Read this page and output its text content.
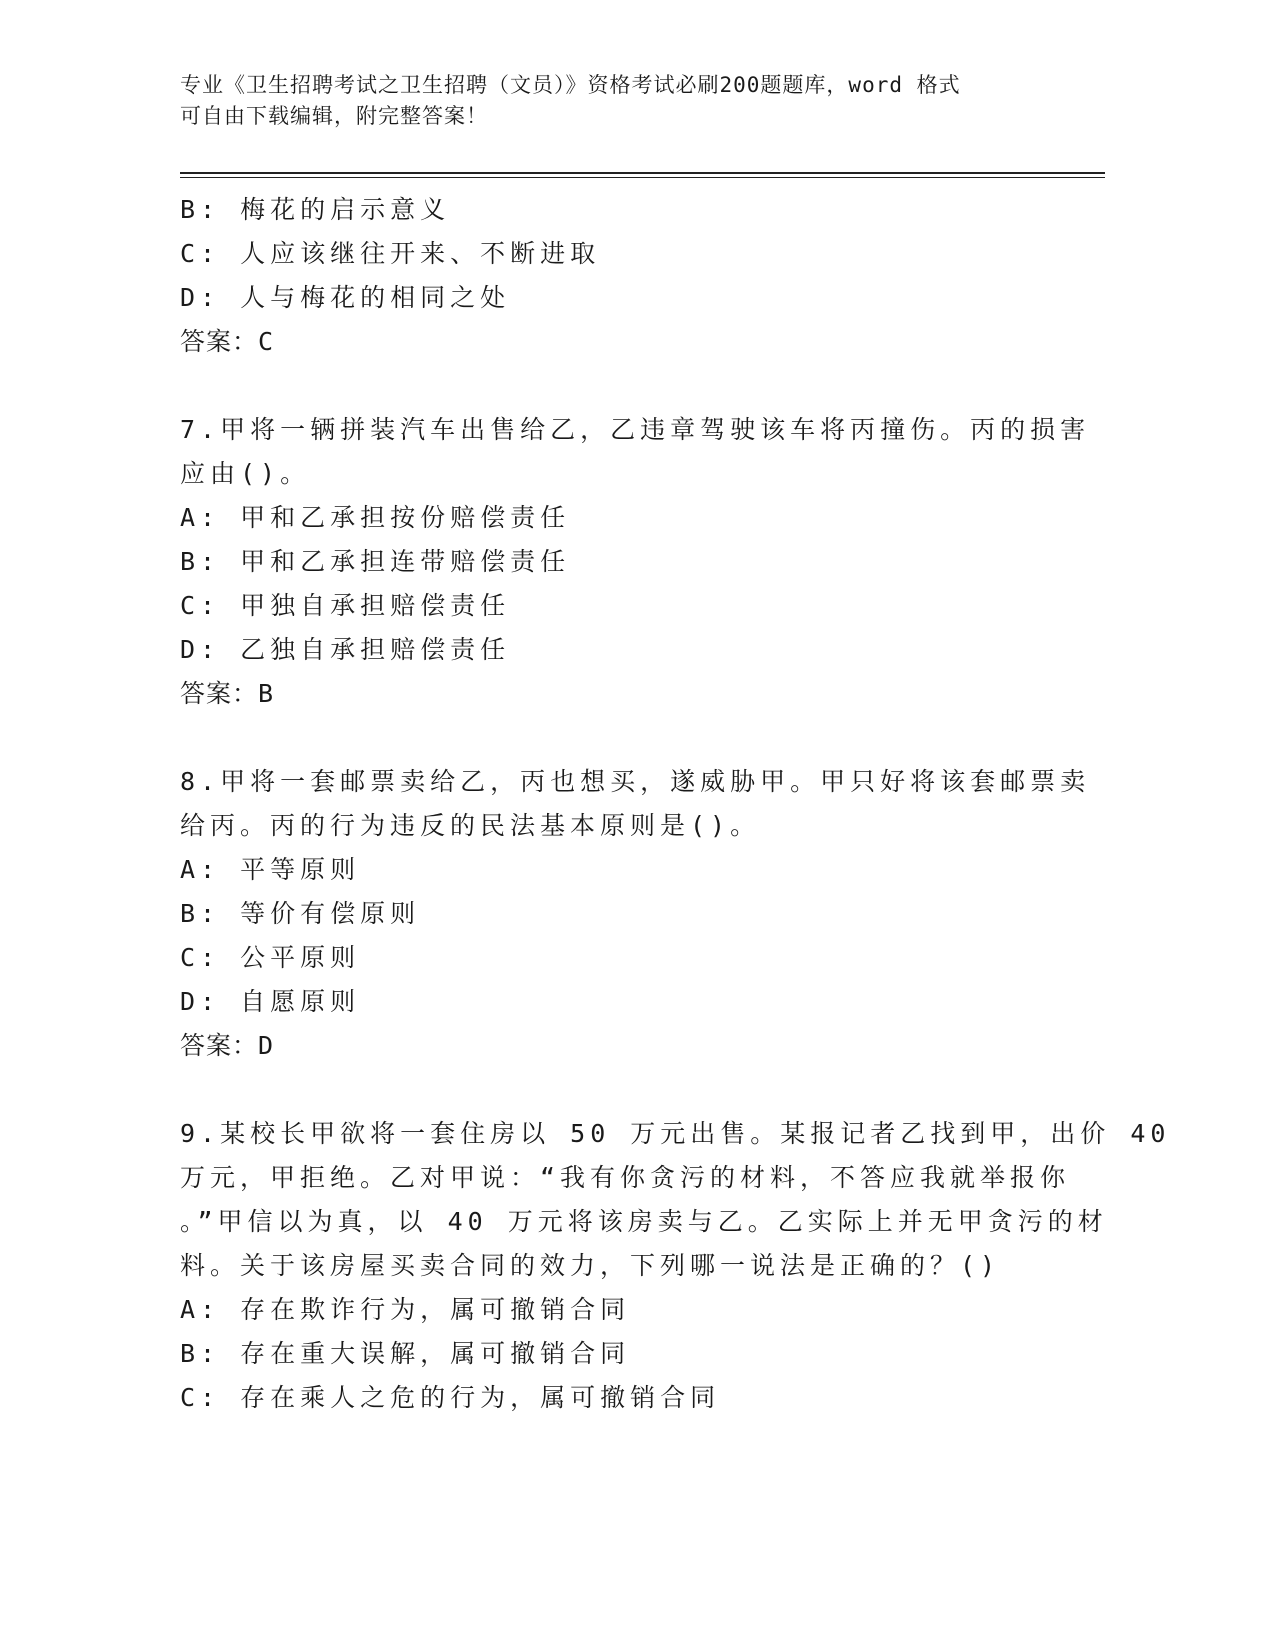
专业《卫生招聘考试之卫生招聘（文员）》资格考试必刷200题题库，word 格式
可自由下载编辑，附完整答案！
B: 梅花的启示意义
C: 人应该继往开来、不断进取
D: 人与梅花的相同之处
答案：C
7.甲将一辆拼装汽车出售给乙，乙违章驾驶该车将丙撞伤。丙的损害
应由()。
A: 甲和乙承担按份赔偿责任
B: 甲和乙承担连带赔偿责任
C: 甲独自承担赔偿责任
D: 乙独自承担赔偿责任
答案：B
8.甲将一套邮票卖给乙，丙也想买，遂威胁甲。甲只好将该套邮票卖
给丙。丙的行为违反的民法基本原则是()。
A: 平等原则
B: 等价有偿原则
C: 公平原则
D: 自愿原则
答案：D
9.某校长甲欲将一套住房以 50 万元出售。某报记者乙找到甲，出价 40
万元，甲拒绝。乙对甲说：“我有你贪污的材料，不答应我就举报你
。”甲信以为真，以 40 万元将该房卖与乙。乙实际上并无甲贪污的材
料。关于该房屋买卖合同的效力，下列哪一说法是正确的？()
A: 存在欺诈行为，属可撤销合同
B: 存在重大误解，属可撤销合同
C: 存在乘人之危的行为，属可撤销合同
